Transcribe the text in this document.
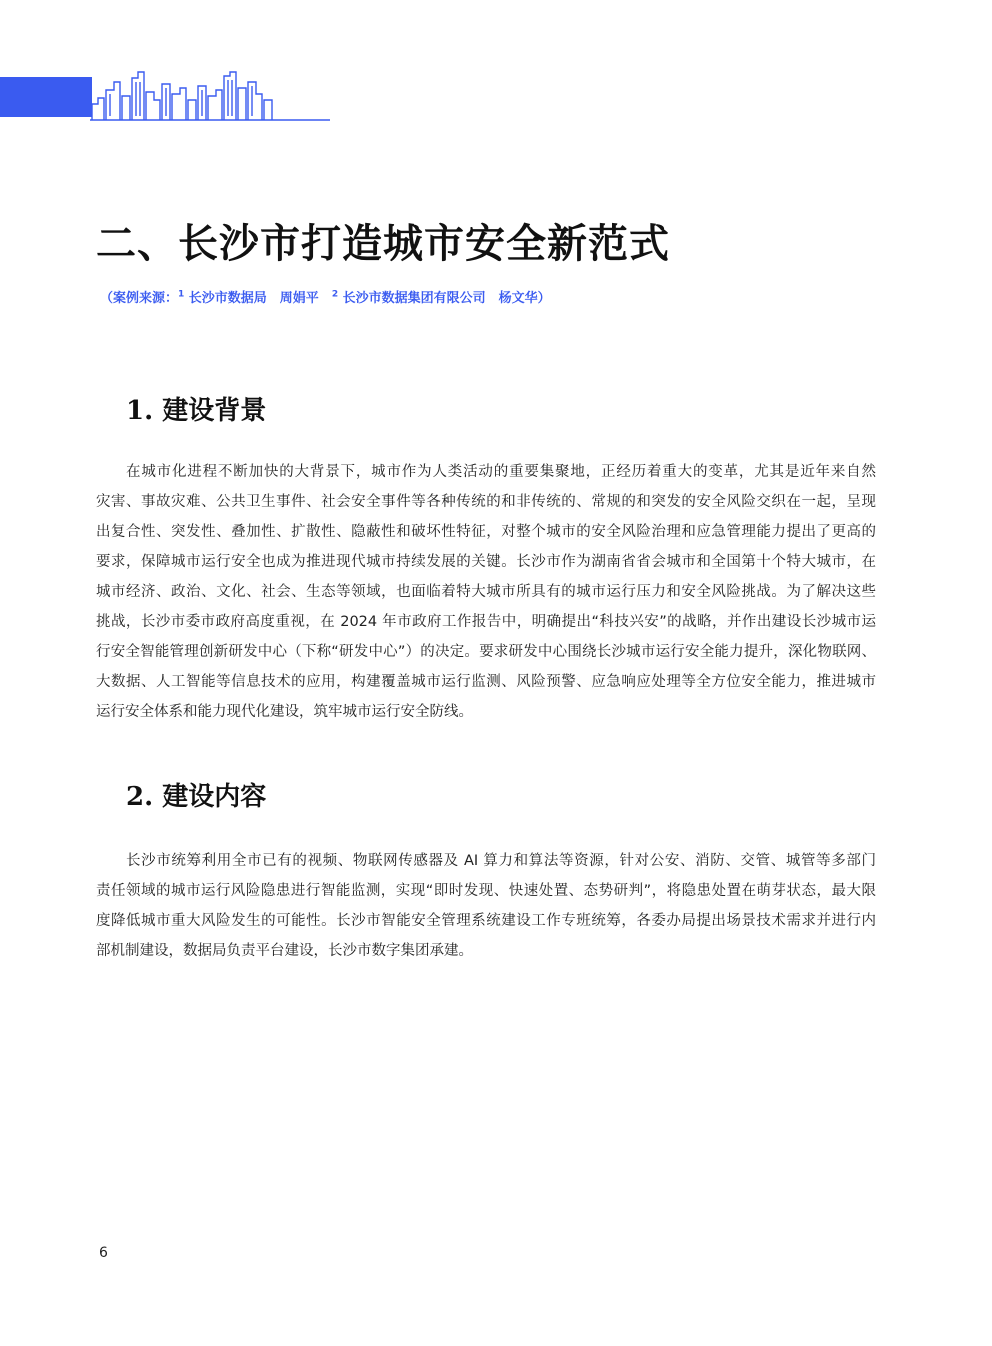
二、长沙市打造城市安全新范式

（案例来源：$^1$ 长沙市数据局　周娟平　$^2$ 长沙市数据集团有限公司　杨文华）

1. 建设背景

在城市化进程不断加快的大背景下，城市作为人类活动的重要集聚地，正经历着重大的变革，尤其是近年来自然
灾害、事故灾难、公共卫生事件、社会安全事件等各种传统的和非传统的、常规的和突发的安全风险交织在一起，呈现
出复合性、突发性、叠加性、扩散性、隐蔽性和破坏性特征，对整个城市的安全风险治理和应急管理能力提出了更高的
要求，保障城市运行安全也成为推进现代城市持续发展的关键。长沙市作为湖南省省会城市和全国第十个特大城市，在
城市经济、政治、文化、社会、生态等领域，也面临着特大城市所具有的城市运行压力和安全风险挑战。为了解决这些
挑战，长沙市委市政府高度重视，在 2024 年市政府工作报告中，明确提出“科技兴安”的战略，并作出建设长沙城市运
行安全智能管理创新研发中心（下称“研发中心”）的决定。要求研发中心围绕长沙城市运行安全能力提升，深化物联网、
大数据、人工智能等信息技术的应用，构建覆盖城市运行监测、风险预警、应急响应处理等全方位安全能力，推进城市
运行安全体系和能力现代化建设，筑牢城市运行安全防线。

2. 建设内容

长沙市统筹利用全市已有的视频、物联网传感器及 AI 算力和算法等资源，针对公安、消防、交管、城管等多部门
责任领域的城市运行风险隐患进行智能监测，实现“即时发现、快速处置、态势研判”，将隐患处置在萌芽状态，最大限
度降低城市重大风险发生的可能性。长沙市智能安全管理系统建设工作专班统筹，各委办局提出场景技术需求并进行内
部机制建设，数据局负责平台建设，长沙市数字集团承建。

6
